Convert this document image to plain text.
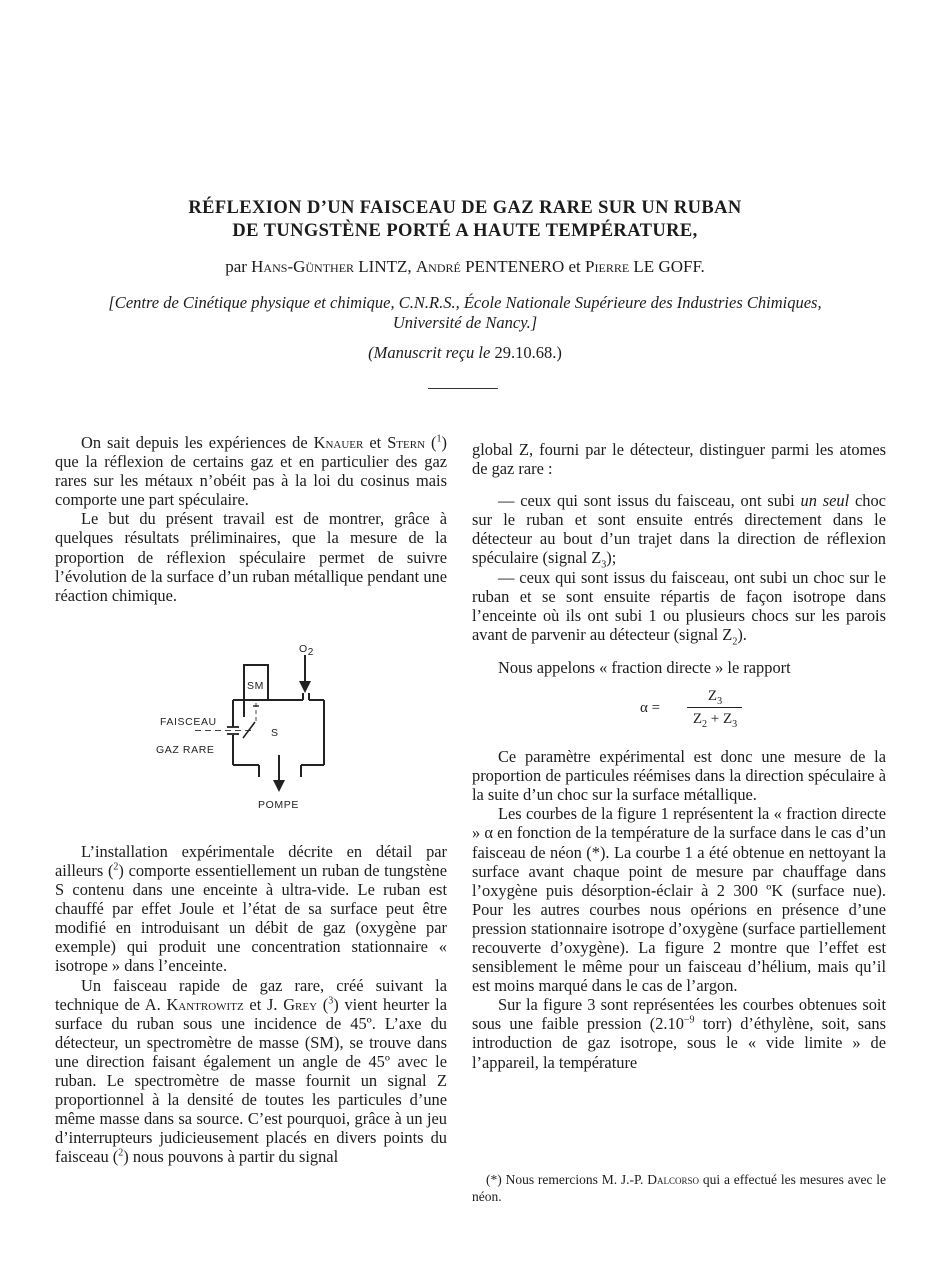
RÉFLEXION D’UN FAISCEAU DE GAZ RARE SUR UN RUBAN
DE TUNGSTÈNE PORTÉ A HAUTE TEMPÉRATURE,
par Hans-Günther LINTZ, André PENTENERO et Pierre LE GOFF.
[Centre de Cinétique physique et chimique, C.N.R.S., École Nationale Supérieure des Industries Chimiques,
Université de Nancy.]
(Manuscrit reçu le 29.10.68.)

On sait depuis les expériences de Knauer et Stern ($^1$) que la réflexion de certains gaz et en particulier des gaz rares sur les métaux n’obéit pas à la loi du cosinus mais comporte une part spéculaire.

Le but du présent travail est de montrer, grâce à quelques résultats préliminaires, que la mesure de la proportion de réflexion spéculaire permet de suivre l’évolution de la surface d’un ruban métallique pendant une réaction chimique.

$O_2$
SM
FAISCEAU
GAZ RARE
S
POMPE

L’installation expérimentale décrite en détail par ailleurs ($^2$) comporte essentiellement un ruban de tungstène S contenu dans une enceinte à ultra-vide. Le ruban est chauffé par effet Joule et l’état de sa surface peut être modifié en introduisant un débit de gaz (oxygène par exemple) qui produit une concentration stationnaire « isotrope » dans l’enceinte.

Un faisceau rapide de gaz rare, créé suivant la technique de A. Kantrowitz et J. Grey ($^3$) vient heurter la surface du ruban sous une incidence de 45º. L’axe du détecteur, un spectromètre de masse (SM), se trouve dans une direction faisant également un angle de 45º avec le ruban. Le spectromètre de masse fournit un signal Z proportionnel à la densité de toutes les particules d’une même masse dans sa source. C’est pourquoi, grâce à un jeu d’interrupteurs judicieusement placés en divers points du faisceau ($^2$) nous pouvons à partir du signal

global Z, fourni par le détecteur, distinguer parmi les atomes de gaz rare :

— ceux qui sont issus du faisceau, ont subi un seul choc sur le ruban et sont ensuite entrés directement dans le détecteur au bout d’un trajet dans la direction de réflexion spéculaire (signal $Z_3$);

— ceux qui sont issus du faisceau, ont subi un choc sur le ruban et se sont ensuite répartis de façon isotrope dans l’enceinte où ils ont subi 1 ou plusieurs chocs sur les parois avant de parvenir au détecteur (signal $Z_2$).

Nous appelons « fraction directe » le rapport

α =
$Z_3$
$Z_2 + Z_3$

Ce paramètre expérimental est donc une mesure de la proportion de particules réémises dans la direction spéculaire à la suite d’un choc sur la surface métallique.

Les courbes de la figure 1 représentent la « fraction directe » α en fonction de la température de la surface dans le cas d’un faisceau de néon (*). La courbe 1 a été obtenue en nettoyant la surface avant chaque point de mesure par chauffage dans l’oxygène puis désorption-éclair à 2 300 ºK (surface nue). Pour les autres courbes nous opérions en présence d’une pression stationnaire isotrope d’oxygène (surface partiellement recouverte d’oxygène). La figure 2 montre que l’effet est sensiblement le même pour un faisceau d’hélium, mais qu’il est moins marqué dans le cas de l’argon.

Sur la figure 3 sont représentées les courbes obtenues soit sous une faible pression ($2.10^{-9}$ torr) d’éthylène, soit, sans introduction de gaz isotrope, sous le « vide limite » de l’appareil, la température

(*) Nous remercions M. J.-P. Dalcorso qui a effectué les mesures avec le néon.
